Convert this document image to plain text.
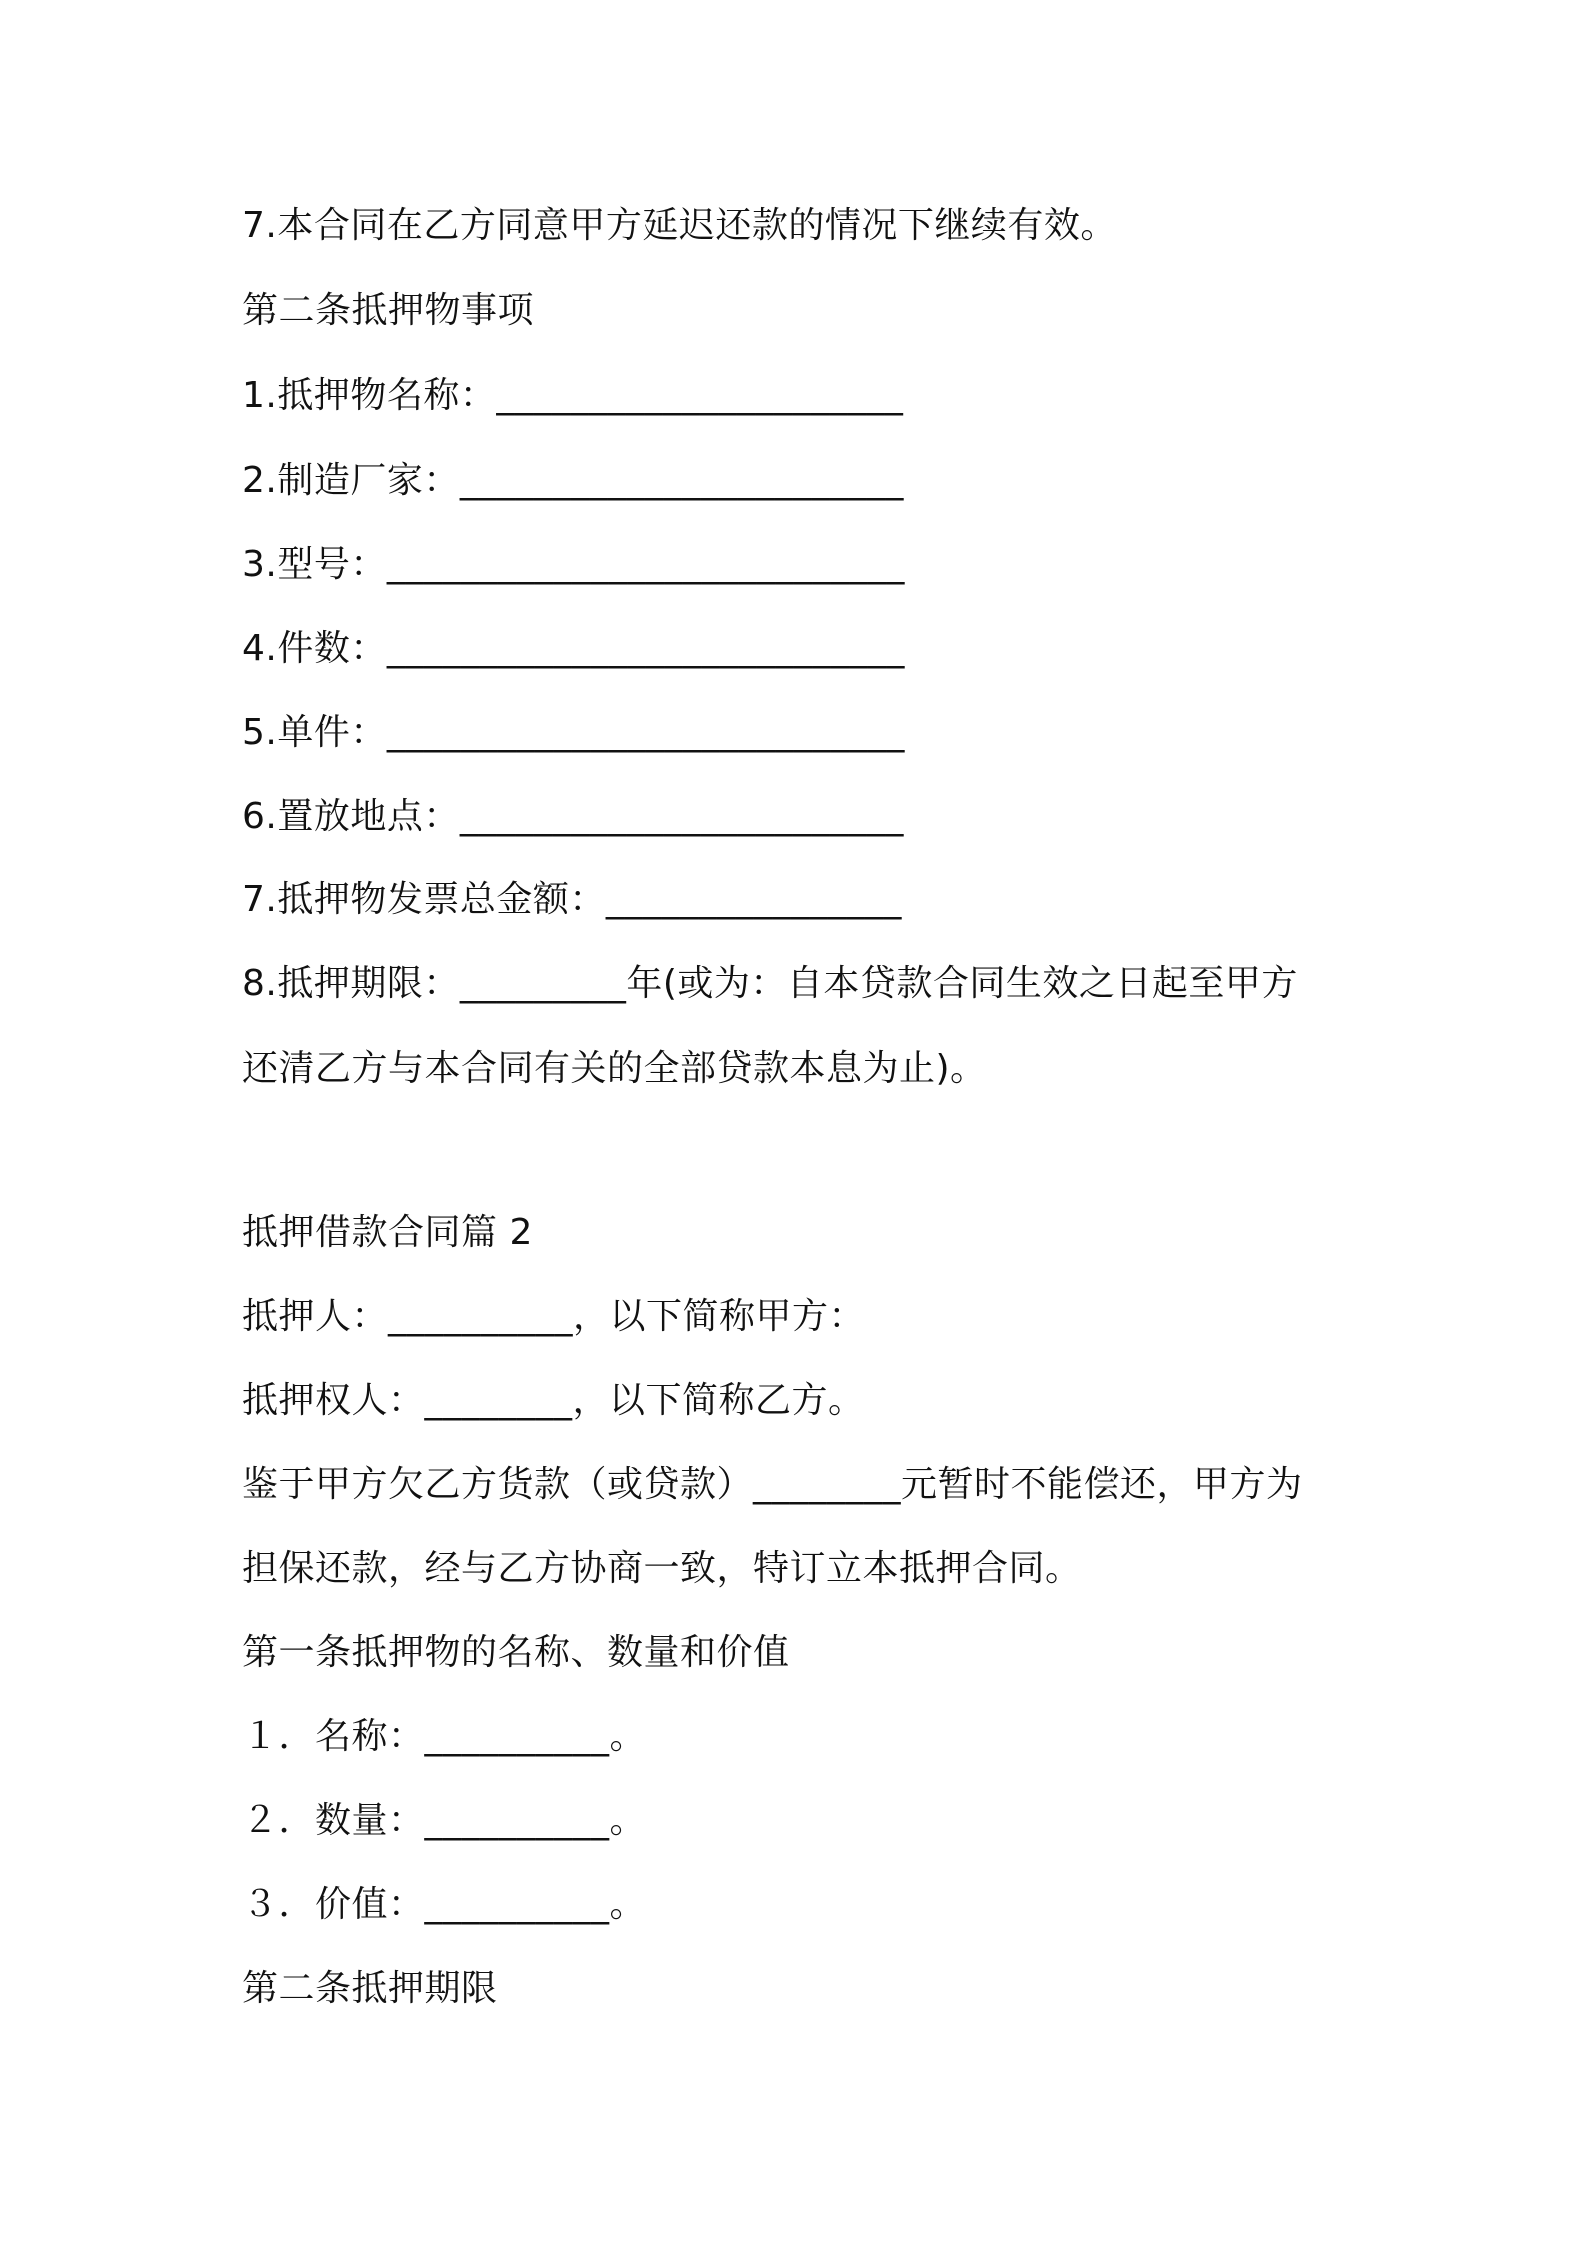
7.本合同在乙方同意甲方延迟还款的情况下继续有效。
第二条抵押物事项
1.抵押物名称：______________________
2.制造厂家：________________________
3.型号：____________________________
4.件数：____________________________
5.单件：____________________________
6.置放地点：________________________
7.抵押物发票总金额：________________
8.抵押期限：_________年(或为：自本贷款合同生效之日起至甲方
还清乙方与本合同有关的全部贷款本息为止)。
抵押借款合同篇 2
抵押人：__________，以下简称甲方：
抵押权人：________，以下简称乙方。
鉴于甲方欠乙方货款（或贷款）________元暂时不能偿还，甲方为
担保还款，经与乙方协商一致，特订立本抵押合同。
第一条抵押物的名称、数量和价值
１．名称：__________。
２．数量：__________。
３．价值：__________。
第二条抵押期限
